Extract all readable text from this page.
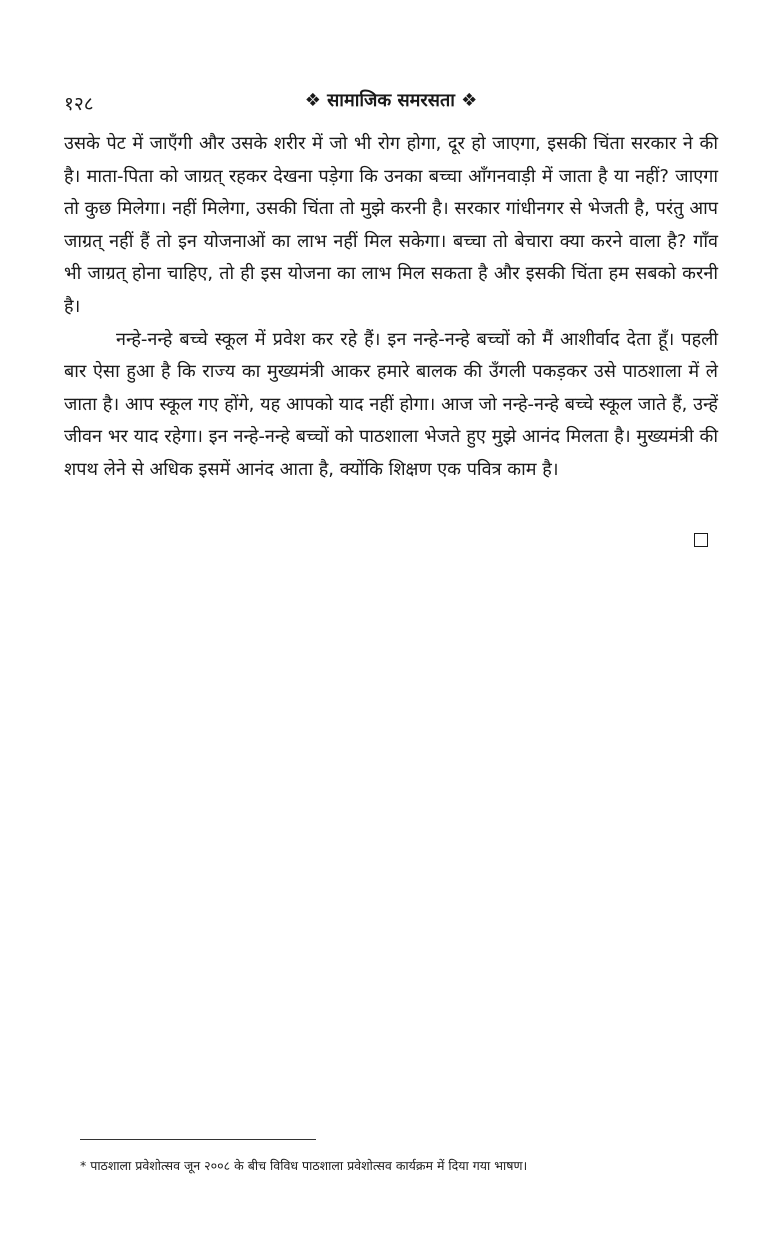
१२८	❖ सामाजिक समरसता ❖

उसके पेट में जाएँगी और उसके शरीर में जो भी रोग होगा, दूर हो जाएगा, इसकी चिंता सरकार ने की है। माता-पिता को जाग्रत् रहकर देखना पड़ेगा कि उनका बच्चा आँगनवाड़ी में जाता है या नहीं? जाएगा तो कुछ मिलेगा। नहीं मिलेगा, उसकी चिंता तो मुझे करनी है। सरकार गांधीनगर से भेजती है, परंतु आप जाग्रत् नहीं हैं तो इन योजनाओं का लाभ नहीं मिल सकेगा। बच्चा तो बेचारा क्या करने वाला है? गाँव भी जाग्रत् होना चाहिए, तो ही इस योजना का लाभ मिल सकता है और इसकी चिंता हम सबको करनी है।

नन्हे-नन्हे बच्चे स्कूल में प्रवेश कर रहे हैं। इन नन्हे-नन्हे बच्चों को मैं आशीर्वाद देता हूँ। पहली बार ऐसा हुआ है कि राज्य का मुख्यमंत्री आकर हमारे बालक की उँगली पकड़कर उसे पाठशाला में ले जाता है। आप स्कूल गए होंगे, यह आपको याद नहीं होगा। आज जो नन्हे-नन्हे बच्चे स्कूल जाते हैं, उन्हें जीवन भर याद रहेगा। इन नन्हे-नन्हे बच्चों को पाठशाला भेजते हुए मुझे आनंद मिलता है। मुख्यमंत्री की शपथ लेने से अधिक इसमें आनंद आता है, क्योंकि शिक्षण एक पवित्र काम है।

* पाठशाला प्रवेशोत्सव जून २००८ के बीच विविध पाठशाला प्रवेशोत्सव कार्यक्रम में दिया गया भाषण।
